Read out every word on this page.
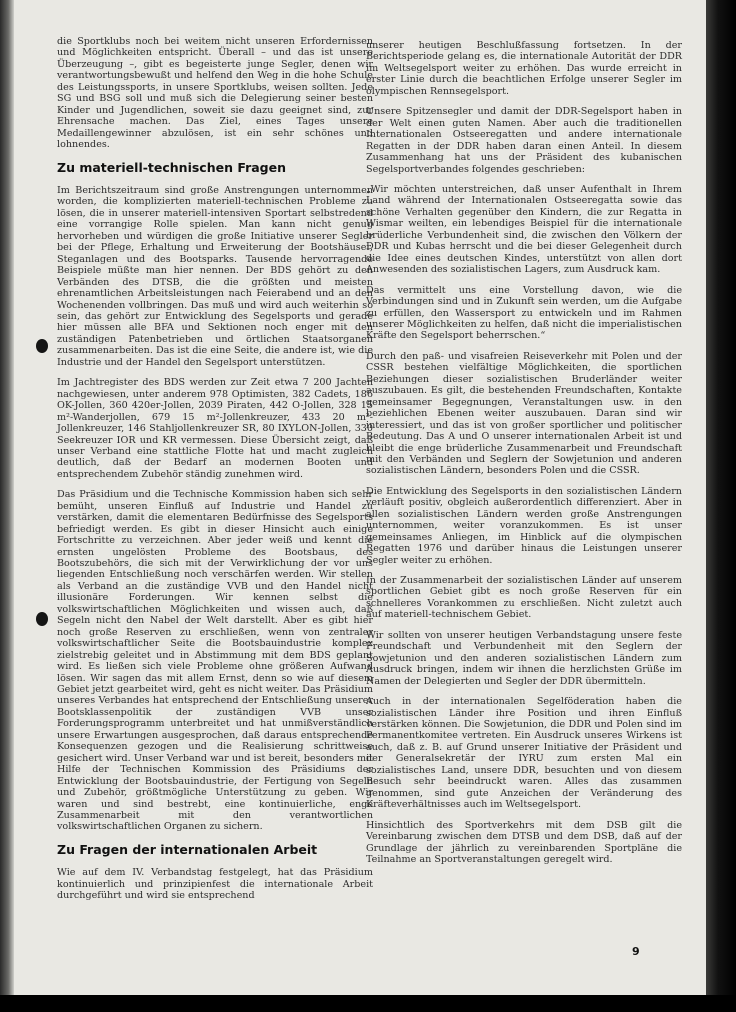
die Sportklubs noch bei weitem nicht unseren Erfordernissen und Möglichkeiten entspricht. Überall – und das ist unsere Überzeugung –, gibt es begeisterte junge Segler, denen wir verantwortungsbewußt und helfend den Weg in die hohe Schule des Leistungssports, in unsere Sportklubs, weisen sollten. Jede SG und BSG soll und muß sich die Delegierung seiner besten Kinder und Jugendlichen, soweit sie dazu geeignet sind, zur Ehrensache machen. Das Ziel, eines Tages unsere Medaillengewinner abzulösen, ist ein sehr schönes und lohnendes.

Zu materiell-technischen Fragen

Im Berichtszeitraum sind große Anstrengungen unternommen worden, die komplizierten materiell-technischen Probleme zu lösen, die in unserer materiell-intensiven Sportart selbstredend eine vorrangige Rolle spielen. Man kann nicht genug hervorheben und würdigen die große Initiative unserer Segler bei der Pflege, Erhaltung und Erweiterung der Bootshäuser, Steganlagen und des Bootsparks. Tausende hervorragende Beispiele müßte man hier nennen. Der BDS gehört zu den Verbänden des DTSB, die die größten und meisten ehrenamtlichen Arbeitsleistungen nach Feierabend und an den Wochenenden vollbringen. Das muß und wird auch weiterhin so sein, das gehört zur Entwicklung des Segelsports und gerade hier müssen alle BFA und Sektionen noch enger mit den zuständigen Patenbetrieben und örtlichen Staatsorganen zusammenarbeiten. Das ist die eine Seite, die andere ist, wie die Industrie und der Handel den Segelsport unterstützen.

Im Jachtregister des BDS werden zur Zeit etwa 7 200 Jachten nachgewiesen, unter anderem 978 Optimisten, 382 Cadets, 186 OK-Jollen, 360 420er-Jollen, 2039 Piraten, 442 O-Jollen, 328 15 m²-Wanderjollen, 679 15 m²-Jollenkreuzer, 433 20 m²-Jollenkreuzer, 146 Stahljollenkreuzer SR, 80 IXYLON-Jollen, 330 Seekreuzer IOR und KR vermessen. Diese Übersicht zeigt, daß unser Verband eine stattliche Flotte hat und macht zugleich deutlich, daß der Bedarf an modernen Booten und entsprechendem Zubehör ständig zunehmen wird.

Das Präsidium und die Technische Kommission haben sich sehr bemüht, unseren Einfluß auf Industrie und Handel zu verstärken, damit die elementaren Bedürfnisse des Segelsports befriedigt werden. Es gibt in dieser Hinsicht auch einige Fortschritte zu verzeichnen. Aber jeder weiß und kennt die ernsten ungelösten Probleme des Bootsbaus, des Bootszubehörs, die sich mit der Verwirklichung der vor uns liegenden Entschließung noch verschärfen werden. Wir stellen als Verband an die zuständige VVB und den Handel nicht illusionäre Forderungen. Wir kennen selbst die volkswirtschaftlichen Möglichkeiten und wissen auch, daß Segeln nicht den Nabel der Welt darstellt. Aber es gibt hier noch große Reserven zu erschließen, wenn von zentraler volkswirtschaftlicher Seite die Bootsbauindustrie komplex zielstrebig geleitet und in Abstimmung mit dem BDS geplant wird. Es ließen sich viele Probleme ohne größeren Aufwand lösen. Wir sagen das mit allem Ernst, denn so wie auf diesem Gebiet jetzt gearbeitet wird, geht es nicht weiter. Das Präsidium unseres Verbandes hat entsprechend der Entschließung unserer Bootsklassenpolitik der zuständigen VVB unser Forderungsprogramm unterbreitet und hat unmißverständlich unsere Erwartungen ausgesprochen, daß daraus entsprechende Konsequenzen gezogen und die Realisierung schrittweise gesichert wird. Unser Verband war und ist bereit, besonders mit Hilfe der Technischen Kommission des Präsidiums der Entwicklung der Bootsbauindustrie, der Fertigung von Segeln und Zubehör, größtmögliche Unterstützung zu geben. Wir waren und sind bestrebt, eine kontinuierliche, enge Zusammenarbeit mit den verantwortlichen volkswirtschaftlichen Organen zu sichern.

Zu Fragen der internationalen Arbeit

Wie auf dem IV. Verbandstag festgelegt, hat das Präsidium kontinuierlich und prinzipienfest die internationale Arbeit durchgeführt und wird sie entsprechend

unserer heutigen Beschlußfassung fortsetzen. In der Berichtsperiode gelang es, die internationale Autorität der DDR im Weltsegelsport weiter zu erhöhen. Das wurde erreicht in erster Linie durch die beachtlichen Erfolge unserer Segler im olympischen Rennsegelsport.

Unsere Spitzensegler und damit der DDR-Segelsport haben in der Welt einen guten Namen. Aber auch die traditionellen Internationalen Ostseeregatten und andere internationale Regatten in der DDR haben daran einen Anteil. In diesem Zusammenhang hat uns der Präsident des kubanischen Segelsportverbandes folgendes geschrieben:

„Wir möchten unterstreichen, daß unser Aufenthalt in Ihrem Land während der Internationalen Ostseeregatta sowie das schöne Verhalten gegenüber den Kindern, die zur Regatta in Wismar weilten, ein lebendiges Beispiel für die internationale brüderliche Verbundenheit sind, die zwischen den Völkern der DDR und Kubas herrscht und die bei dieser Gelegenheit durch die Idee eines deutschen Kindes, unterstützt von allen dort Anwesenden des sozialistischen Lagers, zum Ausdruck kam.

Das vermittelt uns eine Vorstellung davon, wie die Verbindungen sind und in Zukunft sein werden, um die Aufgabe zu erfüllen, den Wassersport zu entwickeln und im Rahmen unserer Möglichkeiten zu helfen, daß nicht die imperialistischen Kräfte den Segelsport beherrschen.“

Durch den paß- und visafreien Reiseverkehr mit Polen und der CSSR bestehen vielfältige Möglichkeiten, die sportlichen Beziehungen dieser sozialistischen Bruderländer weiter auszubauen. Es gilt, die bestehenden Freundschaften, Kontakte gemeinsamer Begegnungen, Veranstaltungen usw. in den beziehlichen Ebenen weiter auszubauen. Daran sind wir interessiert, und das ist von großer sportlicher und politischer Bedeutung. Das A und O unserer internationalen Arbeit ist und bleibt die enge brüderliche Zusammenarbeit und Freundschaft mit den Verbänden und Seglern der Sowjetunion und anderen sozialistischen Ländern, besonders Polen und die CSSR.

Die Entwicklung des Segelsports in den sozialistischen Ländern verläuft positiv, obgleich außerordentlich differenziert. Aber in allen sozialistischen Ländern werden große Anstrengungen unternommen, weiter voranzukommen. Es ist unser gemeinsames Anliegen, im Hinblick auf die olympischen Regatten 1976 und darüber hinaus die Leistungen unserer Segler weiter zu erhöhen.

In der Zusammenarbeit der sozialistischen Länder auf unserem sportlichen Gebiet gibt es noch große Reserven für ein schnelleres Vorankommen zu erschließen. Nicht zuletzt auch auf materiell-technischem Gebiet.

Wir sollten von unserer heutigen Verbandstagung unsere feste Freundschaft und Verbundenheit mit den Seglern der Sowjetunion und den anderen sozialistischen Ländern zum Ausdruck bringen, indem wir ihnen die herzlichsten Grüße im Namen der Delegierten und Segler der DDR übermitteln.

Auch in der internationalen Segelföderation haben die sozialistischen Länder ihre Position und ihren Einfluß verstärken können. Die Sowjetunion, die DDR und Polen sind im Permanentkomitee vertreten. Ein Ausdruck unseres Wirkens ist auch, daß z. B. auf Grund unserer Initiative der Präsident und der Generalsekretär der IYRU zum ersten Mal ein sozialistisches Land, unsere DDR, besuchten und von diesem Besuch sehr beeindruckt waren. Alles das zusammen genommen, sind gute Anzeichen der Veränderung des Kräfteverhältnisses auch im Weltsegelsport.

Hinsichtlich des Sportverkehrs mit dem DSB gilt die Vereinbarung zwischen dem DTSB und dem DSB, daß auf der Grundlage der jährlich zu vereinbarenden Sportpläne die Teilnahme an Sportveranstaltungen geregelt wird.

9
